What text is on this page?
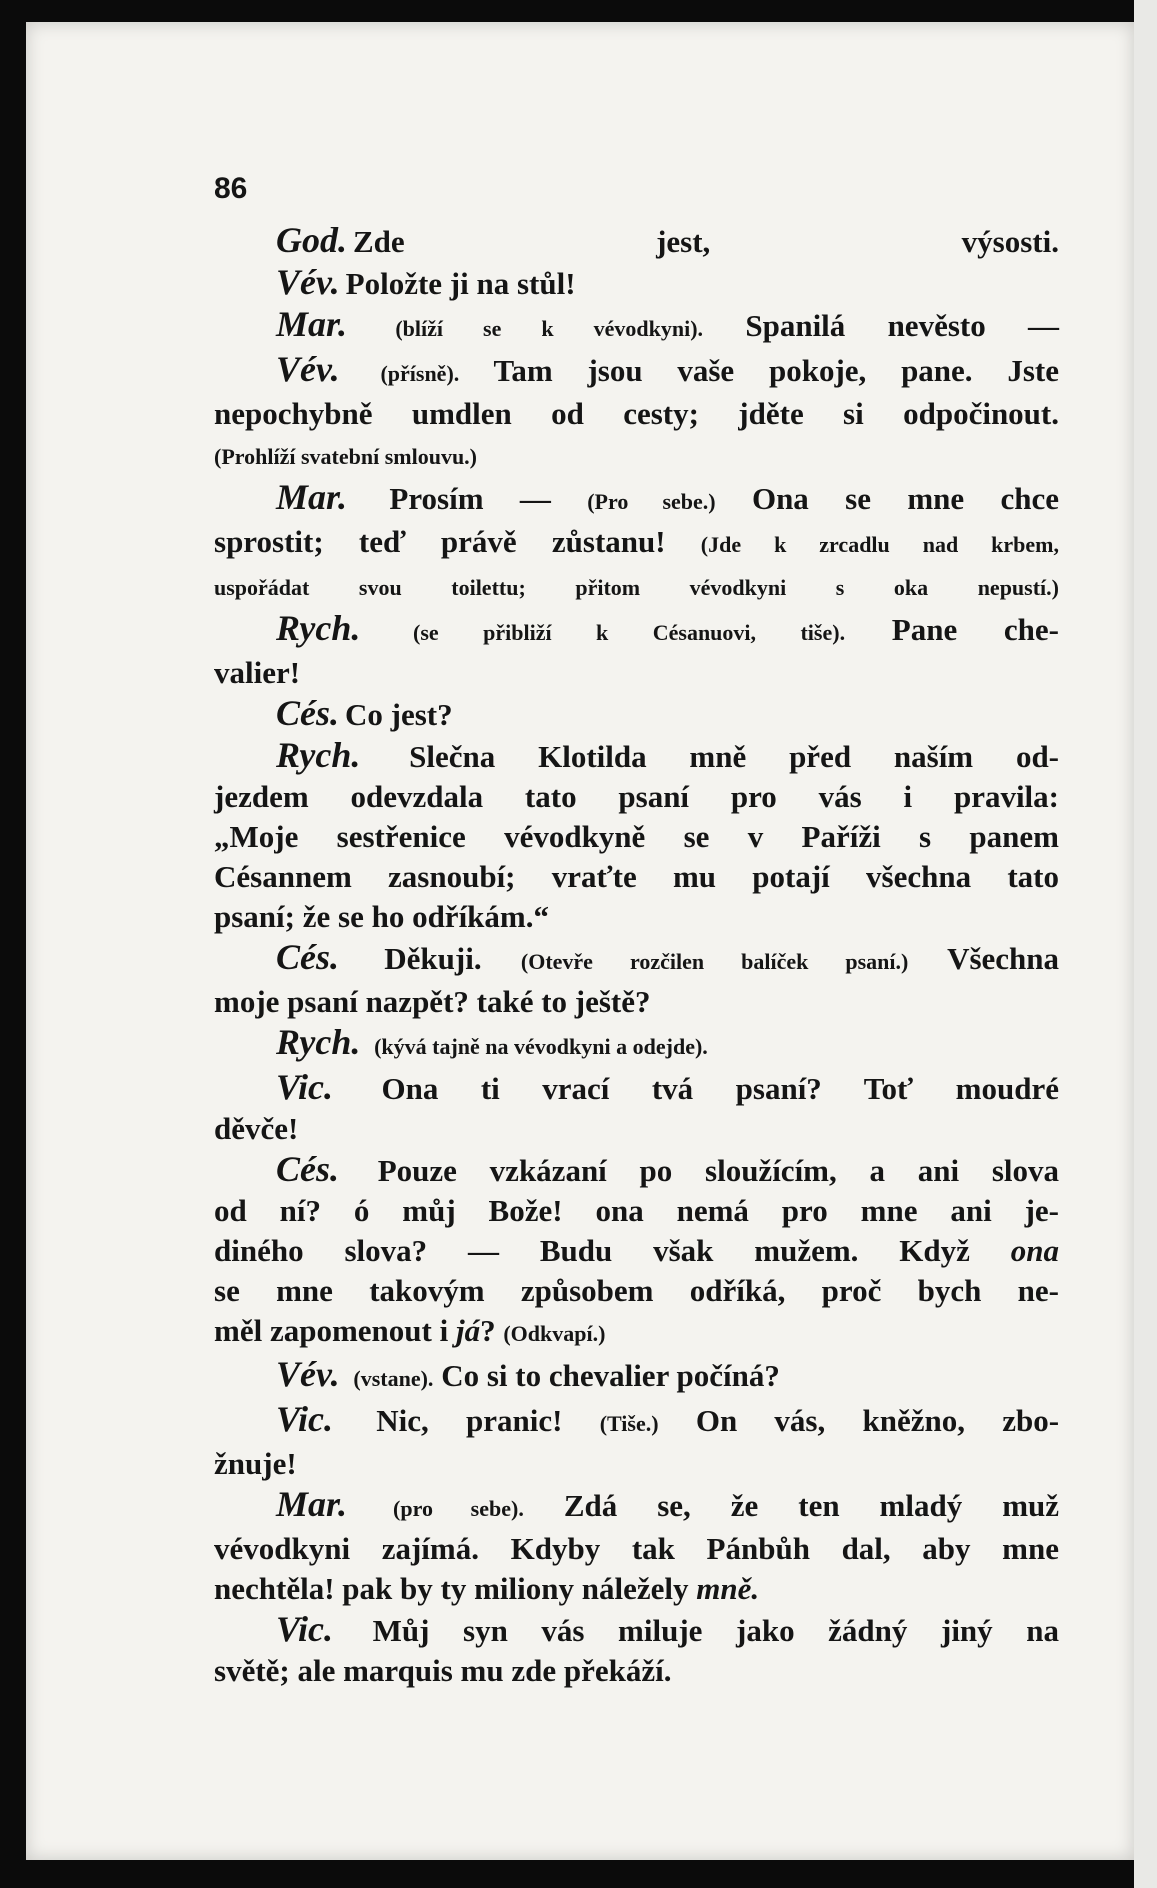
86
God. Zde jest, výsosti.
Vév. Položte ji na stůl!
Mar. (blíží se k vévodkyni). Spanilá nevěsto —
Vév. (přísně). Tam jsou vaše pokoje, pane. Jste
nepochybně umdlen od cesty; jděte si odpočinout.
(Prohlíží svatební smlouvu.)
Mar. Prosím — (Pro sebe.) Ona se mne chce
sprostit; teď právě zůstanu! (Jde k zrcadlu nad krbem,
uspořádat svou toilettu; přitom vévodkyni s oka nepustí.)
Rych. (se přibliží k Césanuovi, tiše). Pane che-
valier!
Cés. Co jest?
Rych. Slečna Klotilda mně před naším od-
jezdem odevzdala tato psaní pro vás i pravila:
„Moje sestřenice vévodkyně se v Paříži s panem
Césannem zasnoubí; vraťte mu potají všechna tato
psaní; že se ho odříkám.“
Cés. Děkuji. (Otevře rozčilen balíček psaní.) Všechna
moje psaní nazpět? také to ještě?
Rych. (kývá tajně na vévodkyni a odejde).
Vic. Ona ti vrací tvá psaní? Toť moudré
děvče!
Cés. Pouze vzkázaní po sloužícím, a ani slova
od ní? ó můj Bože! ona nemá pro mne ani je-
diného slova? — Budu však mužem. Když ona
se mne takovým způsobem odříká, proč bych ne-
měl zapomenout i já? (Odkvapí.)
Vév. (vstane). Co si to chevalier počíná?
Vic. Nic, pranic! (Tiše.) On vás, kněžno, zbo-
žnuje!
Mar. (pro sebe). Zdá se, že ten mladý muž
vévodkyni zajímá. Kdyby tak Pánbůh dal, aby mne
nechtěla! pak by ty miliony náležely mně.
Vic. Můj syn vás miluje jako žádný jiný na
světě; ale marquis mu zde překáží.
